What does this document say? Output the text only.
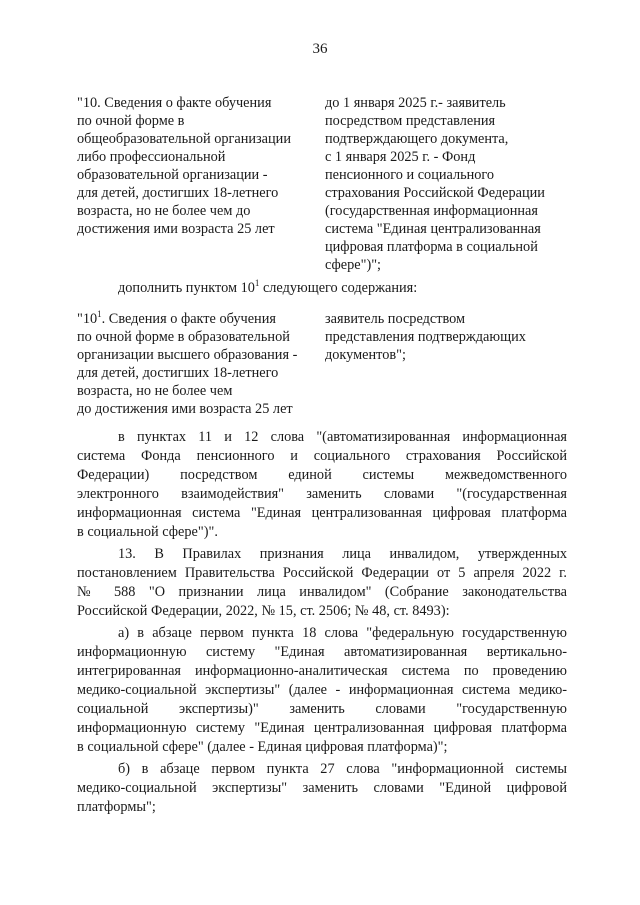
36
"10. Сведения о факте обучения
по очной форме в
общеобразовательной организации
либо профессиональной
образовательной организации -
для детей, достигших 18-летнего
возраста, но не более чем до
достижения ими возраста 25 лет
до 1 января 2025 г.- заявитель
посредством представления
подтверждающего документа,
с 1 января 2025 г. - Фонд
пенсионного и социального
страхования Российской Федерации
(государственная информационная
система "Единая централизованная
цифровая платформа в социальной
сфере")";
дополнить пунктом $10^1$ следующего содержания:
"$10^1$. Сведения о факте обучения
по очной форме в образовательной
организации высшего образования -
для детей, достигших 18-летнего
возраста, но не более чем
до достижения ими возраста 25 лет
заявитель посредством
представления подтверждающих
документов";
в пунктах 11 и 12 слова "(автоматизированная информационная
система Фонда пенсионного и социального страхования Российской
Федерации) посредством единой системы межведомственного
электронного взаимодействия" заменить словами "(государственная
информационная система "Единая централизованная цифровая платформа
в социальной сфере")".
13. В Правилах признания лица инвалидом, утвержденных
постановлением Правительства Российской Федерации от 5 апреля 2022 г.
№ 588 "О признании лица инвалидом" (Собрание законодательства
Российской Федерации, 2022, № 15, ст. 2506; № 48, ст. 8493):
а) в абзаце первом пункта 18 слова "федеральную государственную
информационную систему "Единая автоматизированная вертикально-
интегрированная информационно-аналитическая система по проведению
медико-социальной экспертизы" (далее - информационная система медико-
социальной экспертизы)" заменить словами "государственную
информационную систему "Единая централизованная цифровая платформа
в социальной сфере" (далее - Единая цифровая платформа)";
б) в абзаце первом пункта 27 слова "информационной системы
медико-социальной экспертизы" заменить словами "Единой цифровой
платформы";
